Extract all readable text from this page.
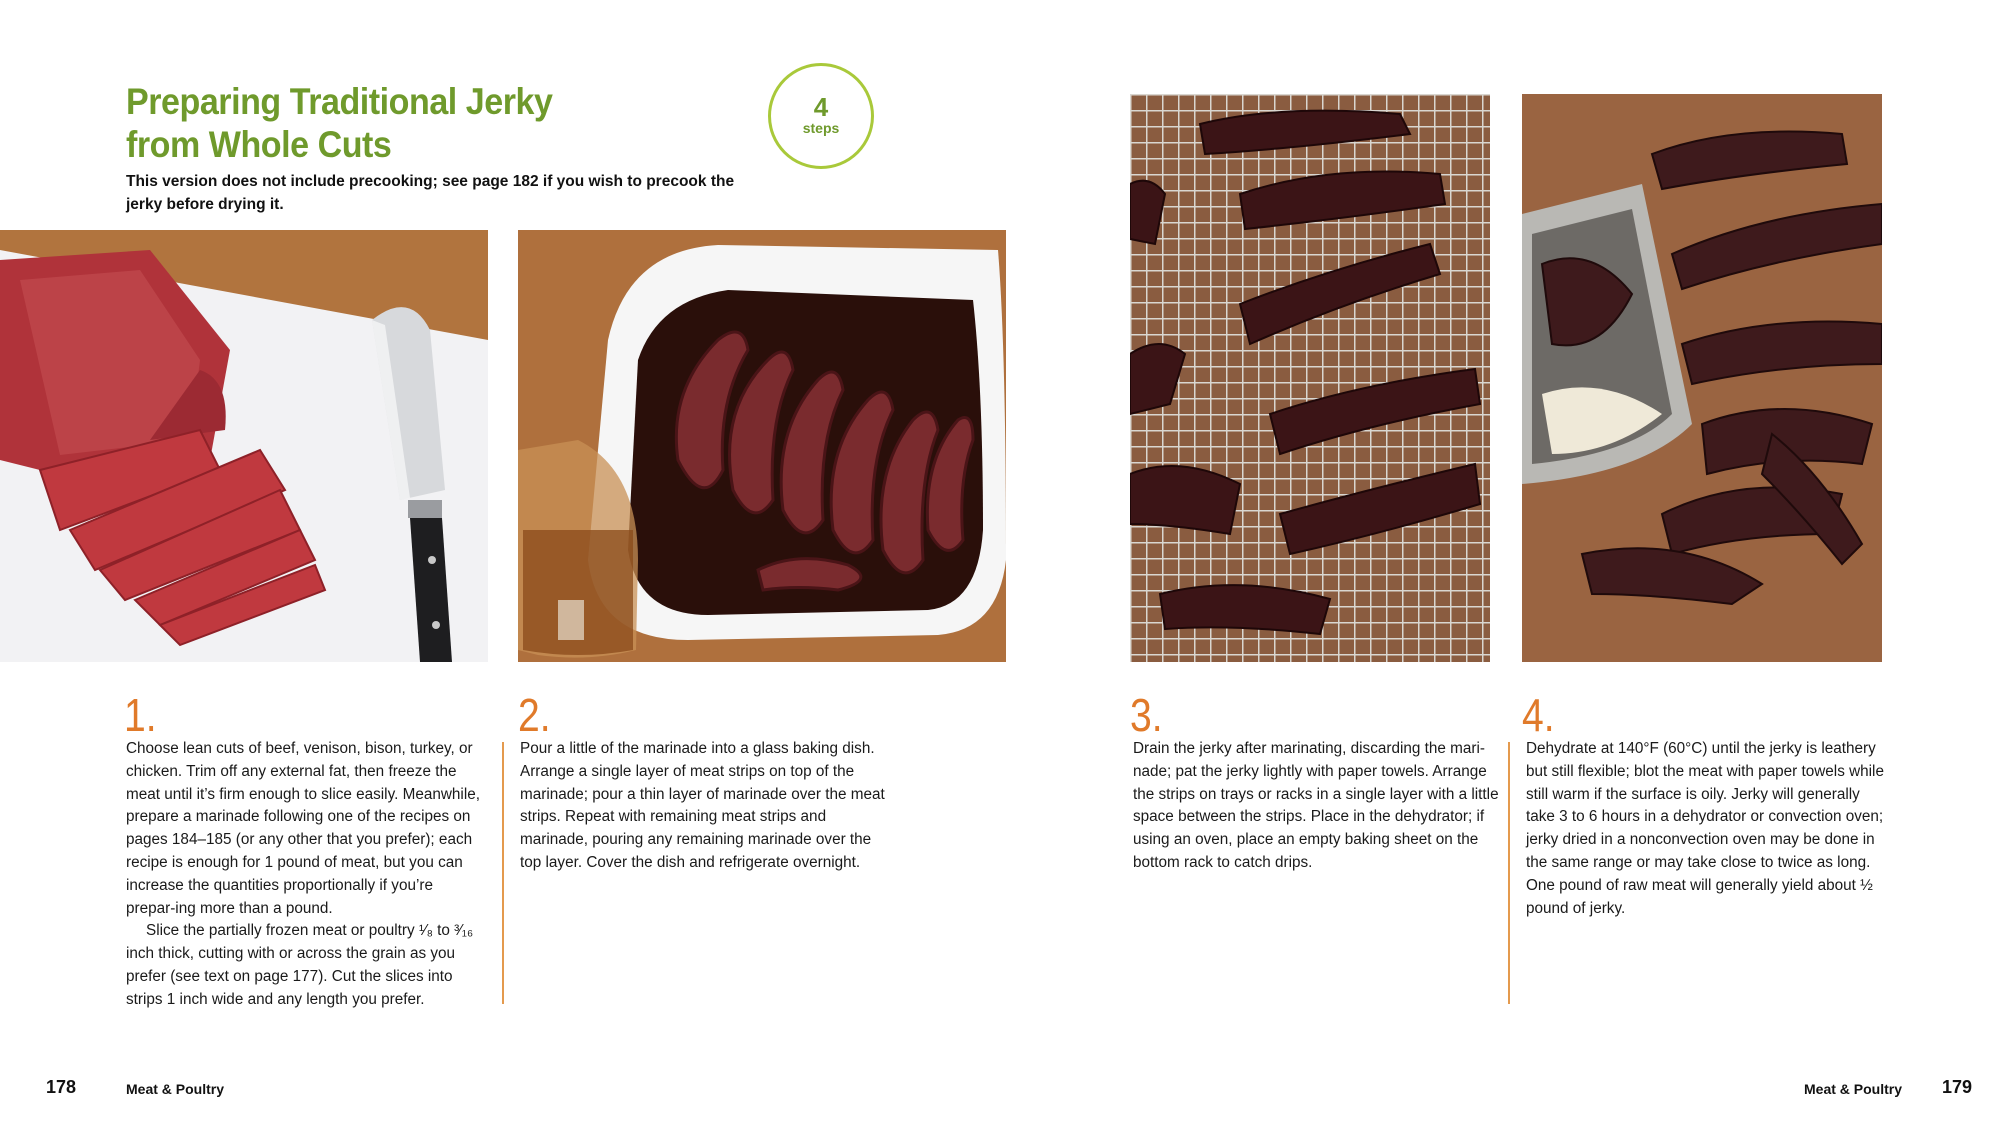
Preparing Traditional Jerky
from Whole Cuts
This version does not include precooking; see page 182 if you wish to precook the jerky before drying it.
4
steps
1.

Choose lean cuts of beef, venison, bison, turkey, or chicken. Trim off any external fat, then freeze the meat until it’s firm enough to slice easily. Meanwhile, prepare a marinade following one of the recipes on pages 184–185 (or any other that you prefer); each recipe is enough for 1 pound of meat, but you can increase the quantities proportionally if you’re prepar-ing more than a pound.

Slice the partially frozen meat or poultry ¹⁄₈ to ³⁄₁₆ inch thick, cutting with or across the grain as you prefer (see text on page 177). Cut the slices into strips 1 inch wide and any length you prefer.

2.

Pour a little of the marinade into a glass baking dish. Arrange a single layer of meat strips on top of the marinade; pour a thin layer of marinade over the meat strips. Repeat with remaining meat strips and marinade, pouring any remaining marinade over the top layer. Cover the dish and refrigerate overnight.

3.

Drain the jerky after marinating, discarding the mari-nade; pat the jerky lightly with paper towels. Arrange the strips on trays or racks in a single layer with a little space between the strips. Place in the dehydrator; if using an oven, place an empty baking sheet on the bottom rack to catch drips.

4.

Dehydrate at 140°F (60°C) until the jerky is leathery but still flexible; blot the meat with paper towels while still warm if the surface is oily. Jerky will generally take 3 to 6 hours in a dehydrator or convection oven; jerky dried in a nonconvection oven may be done in the same range or may take close to twice as long. One pound of raw meat will generally yield about ½ pound of jerky.

178	Meat & Poultry	Meat & Poultry 179
